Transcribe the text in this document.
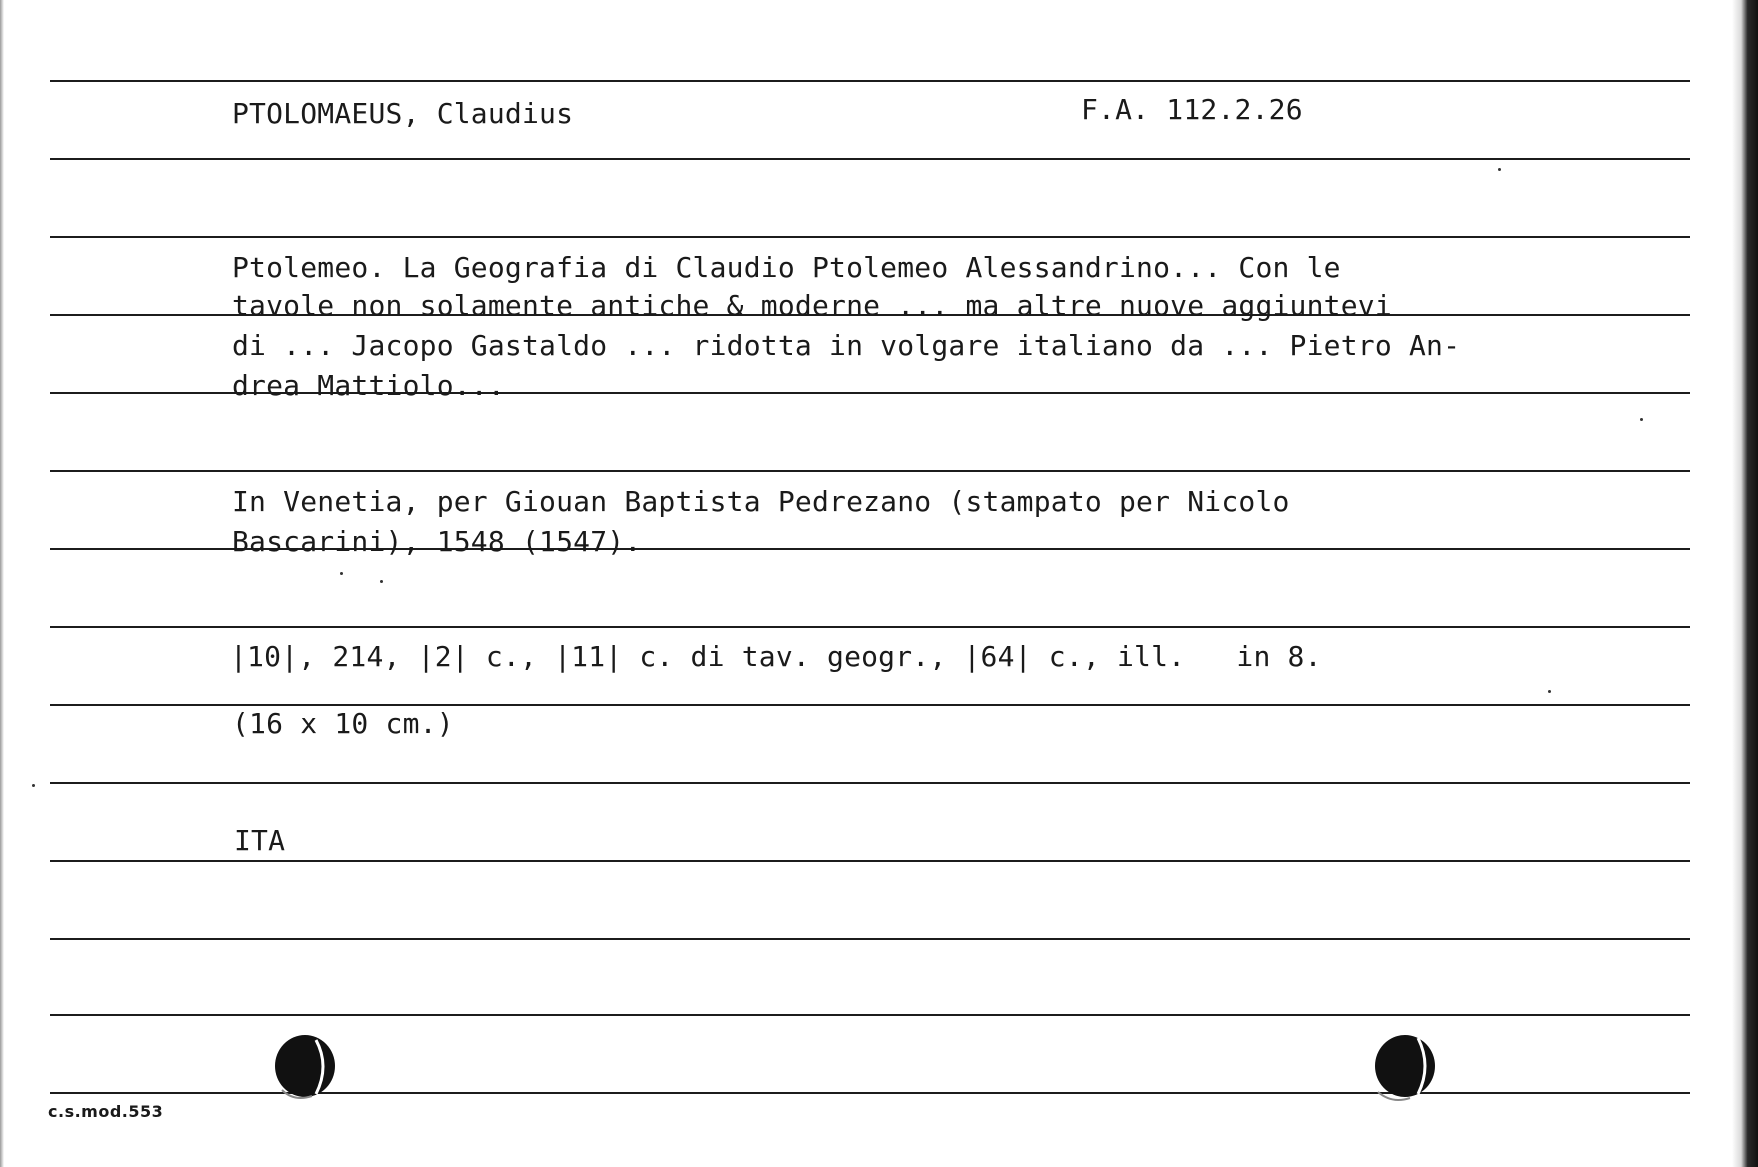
PTOLOMAEUS, Claudius	F.A. 112.2.26
Ptolemeo. La Geografia di Claudio Ptolemeo Alessandrino... Con le
tavole non solamente antiche & moderne ... ma altre nuove aggiuntevi
di ... Jacopo Gastaldo ... ridotta in volgare italiano da ... Pietro An-
drea Mattiolo...
In Venetia, per Giouan Baptista Pedrezano (stampato per Nicolo
Bascarini), 1548 (1547).
|10|, 214, |2| c., |11| c. di tav. geogr., |64| c., ill.   in 8.
(16 x 10 cm.)
ITA
c.s.mod.553
